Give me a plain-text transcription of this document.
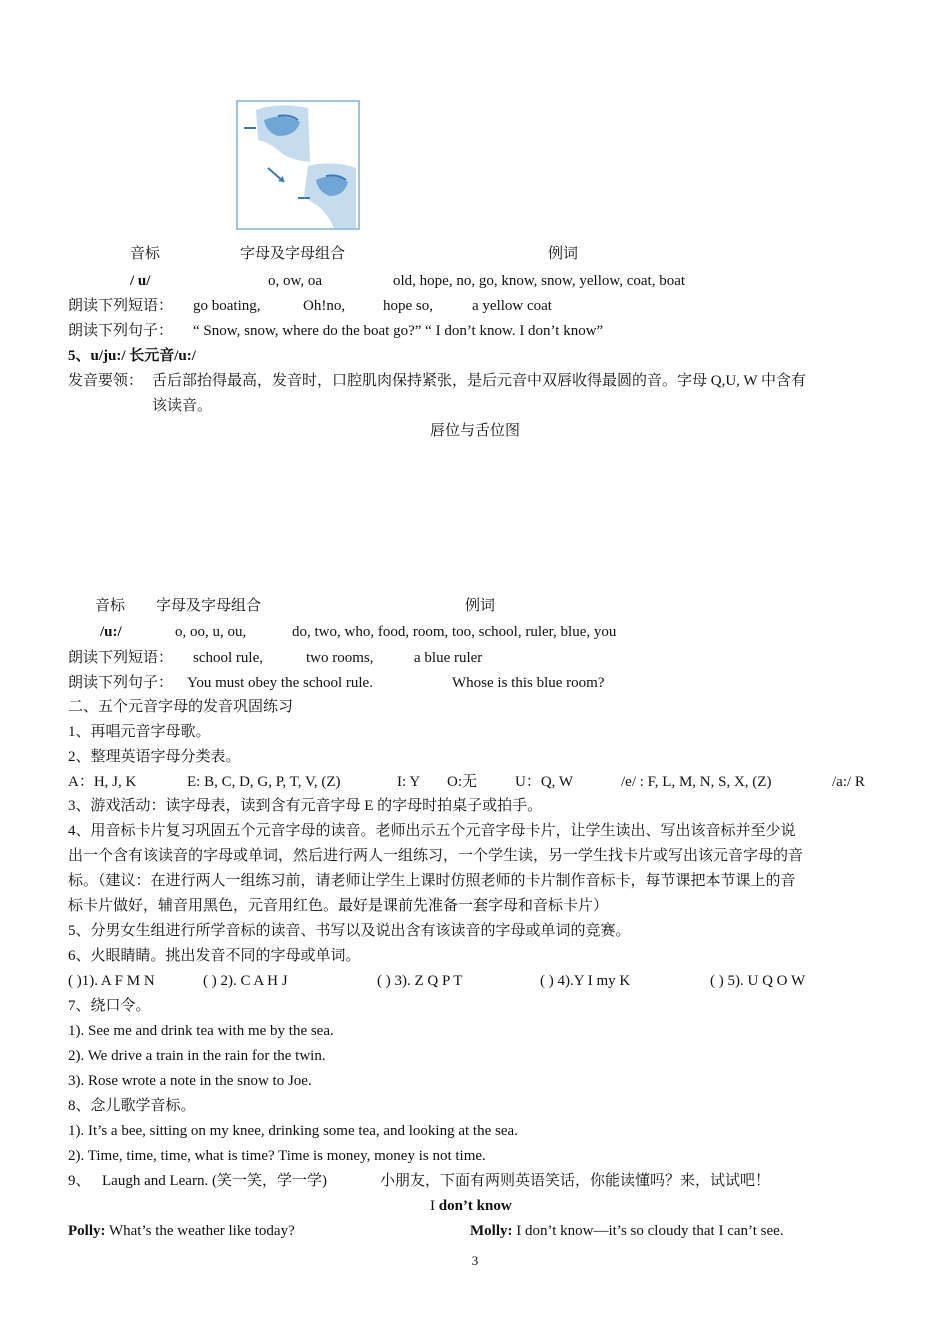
音标	字母及字母组合	例词
/ u/	o, ow, oa	old, hope, no, go, know, snow, yellow, coat, boat
朗读下列短语： go boating,	Oh!no,	hope so,	a yellow coat
朗读下列句子： “ Snow, snow, where do the boat go?” “ I don’t know. I don’t know”
5、u/ju:/ 长元音/u:/
发音要领： 舌后部抬得最高，发音时，口腔肌肉保持紧张，是后元音中双唇收得最圆的音。字母 Q,U, W 中含有
该读音。
唇位与舌位图
音标 字母及字母组合	例词
/u:/	o, oo, u, ou,	do, two, who, food, room, too, school, ruler, blue, you
朗读下列短语： school rule,	two rooms,	a blue ruler
朗读下列句子： You must obey the school rule.	Whose is this blue room?
二、五个元音字母的发音巩固练习
1、再唱元音字母歌。
2、整理英语字母分类表。
A：H, J, K	E: B, C, D, G, P, T, V, (Z)	I: Y O:无	U：Q, W	/e/ : F, L, M, N, S, X, (Z)	/a:/ R
3、游戏活动：读字母表，读到含有元音字母 E 的字母时拍桌子或拍手。
4、用音标卡片复习巩固五个元音字母的读音。老师出示五个元音字母卡片，让学生读出、写出该音标并至少说
出一个含有该读音的字母或单词，然后进行两人一组练习，一个学生读，另一学生找卡片或写出该元音字母的音
标。（建议：在进行两人一组练习前，请老师让学生上课时仿照老师的卡片制作音标卡，每节课把本节课上的音
标卡片做好，辅音用黑色，元音用红色。最好是课前先准备一套字母和音标卡片）
5、分男女生组进行所学音标的读音、书写以及说出含有该读音的字母或单词的竞赛。
6、火眼睛睛。挑出发音不同的字母或单词。
( )1). A F M N	( ) 2). C A H J	( ) 3). Z Q P T	( ) 4).Y I my K	( ) 5). U Q O W
7、绕口令。
1). See me and drink tea with me by the sea.
2). We drive a train in the rain for the twin.
3). Rose wrote a note in the snow to Joe.
8、念儿歌学音标。
1). It’s a bee, sitting on my knee, drinking some tea, and looking at the sea.
2). Time, time, time, what is time? Time is money, money is not time.
9、 Laugh and Learn. (笑一笑，学一学)	小朋友，下面有两则英语笑话，你能读懂吗？来，试试吧！
I don’t know
Polly: What’s the weather like today?	Molly: I don’t know—it’s so cloudy that I can’t see.
3
